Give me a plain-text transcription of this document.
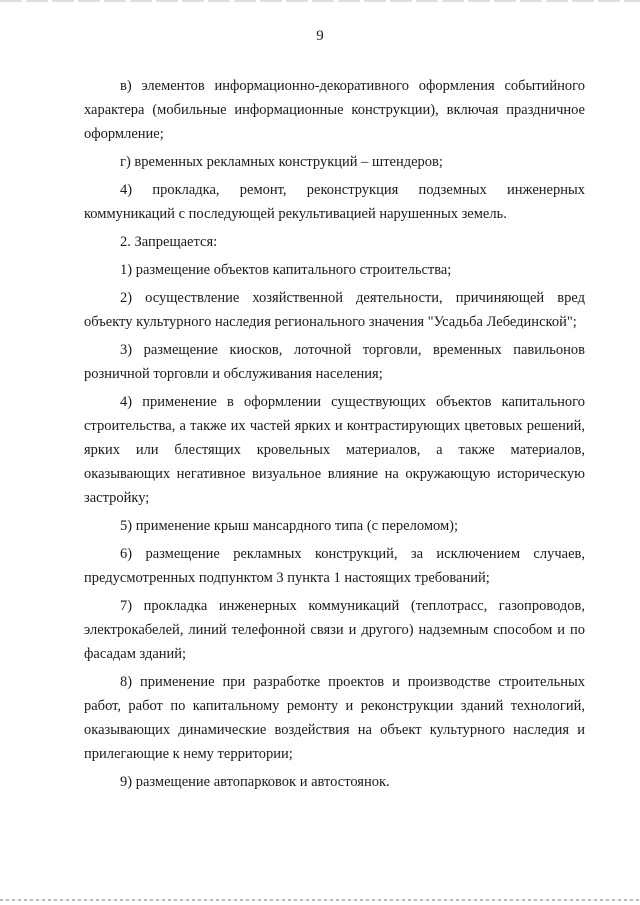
9

в) элементов информационно-декоративного оформления событийного характера (мобильные информационные конструкции), включая праздничное оформление;

г) временных рекламных конструкций – штендеров;

4) прокладка, ремонт, реконструкция подземных инженерных коммуникаций с последующей рекультивацией нарушенных земель.

2. Запрещается:

1) размещение объектов капитального строительства;

2) осуществление хозяйственной деятельности, причиняющей вред объекту культурного наследия регионального значения "Усадьба Лебединской";

3) размещение киосков, лоточной торговли, временных павильонов розничной торговли и обслуживания населения;

4) применение в оформлении существующих объектов капитального строительства, а также их частей ярких и контрастирующих цветовых решений, ярких или блестящих кровельных материалов, а также материалов, оказывающих негативное визуальное влияние на окружающую историческую застройку;

5) применение крыш мансардного типа (с переломом);

6) размещение рекламных конструкций, за исключением случаев, предусмотренных подпунктом 3 пункта 1 настоящих требований;

7) прокладка инженерных коммуникаций (теплотрасс, газопроводов, электрокабелей, линий телефонной связи и другого) надземным способом и по фасадам зданий;

8) применение при разработке проектов и производстве строительных работ, работ по капитальному ремонту и реконструкции зданий технологий, оказывающих динамические воздействия на объект культурного наследия и прилегающие к нему территории;

9) размещение автопарковок и автостоянок.
